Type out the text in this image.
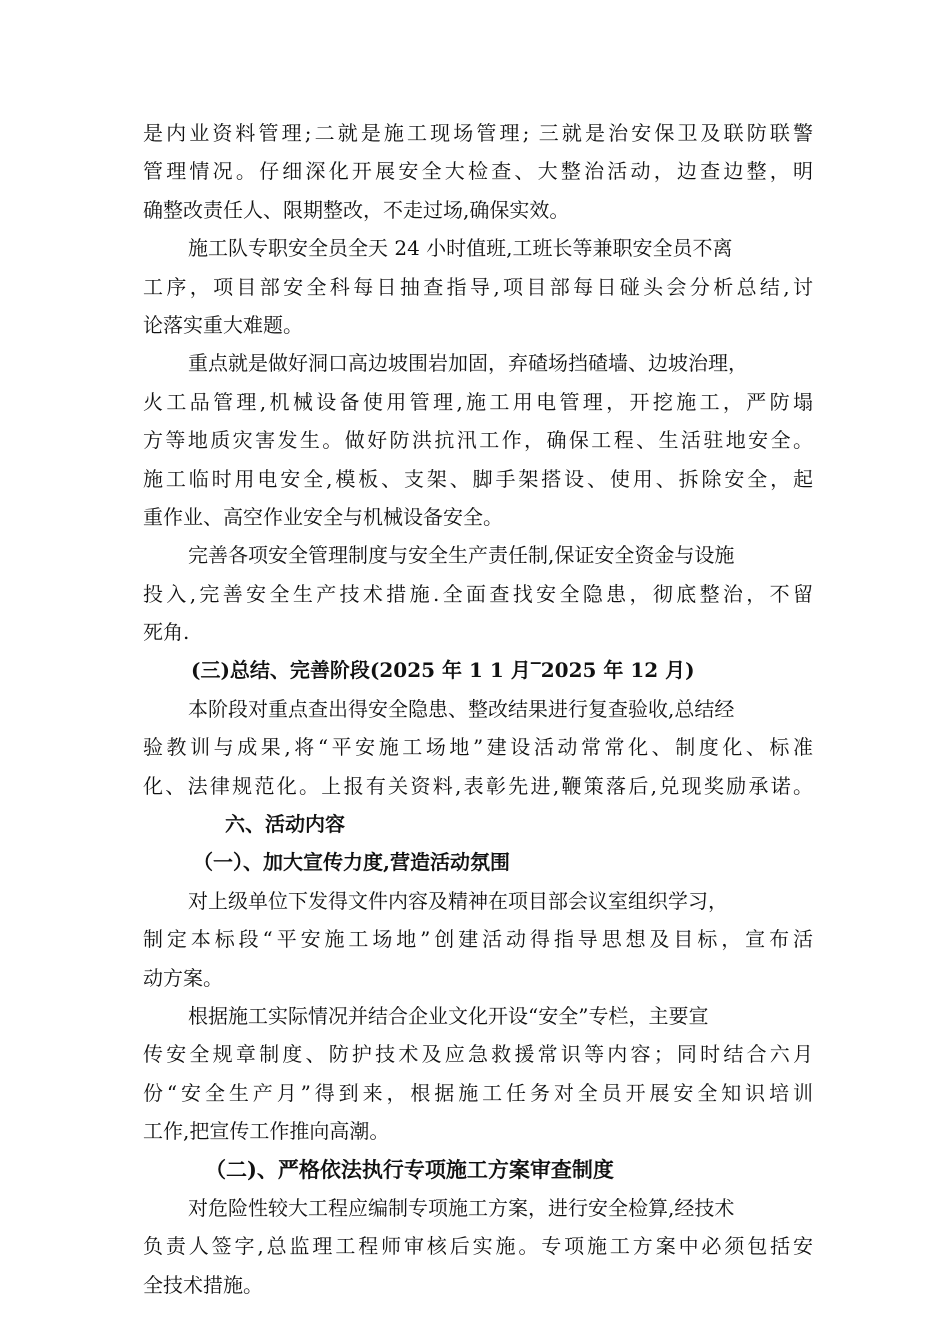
是内业资料管理;二就是施工现场管理; 三就是治安保卫及联防联警
管理情况。仔细深化开展安全大检查、大整治活动，边查边整，明
确整改责任人、限期整改，不走过场,确保实效。
施工队专职安全员全天 24 小时值班,工班长等兼职安全员不离
工序，项目部安全科每日抽查指导,项目部每日碰头会分析总结,讨
论落实重大难题。
重点就是做好洞口高边坡围岩加固，弃碴场挡碴墙、边坡治理，
火工品管理,机械设备使用管理,施工用电管理，开挖施工，严防塌
方等地质灾害发生。做好防洪抗汛工作，确保工程、生活驻地安全。
施工临时用电安全,模板、支架、脚手架搭设、使用、拆除安全，起
重作业、高空作业安全与机械设备安全。
完善各项安全管理制度与安全生产责任制,保证安全资金与设施
投入,完善安全生产技术措施.全面查找安全隐患，彻底整治，不留
死角.
(三)总结、完善阶段(2025 年 1 1 月‾2025 年 12 月)
本阶段对重点查出得安全隐患、整改结果进行复查验收,总结经
验教训与成果,将“平安施工场地”建设活动常常化、制度化、标准
化、法律规范化。上报有关资料,表彰先进,鞭策落后,兑现奖励承诺。
六、活动内容
（一）、加大宣传力度,营造活动氛围
对上级单位下发得文件内容及精神在项目部会议室组织学习，
制定本标段“平安施工场地”创建活动得指导思想及目标，宣布活
动方案。
根据施工实际情况并结合企业文化开设“安全”专栏，主要宣
传安全规章制度、防护技术及应急救援常识等内容；同时结合六月
份“安全生产月”得到来，根据施工任务对全员开展安全知识培训
工作,把宣传工作推向高潮。
（二)、严格依法执行专项施工方案审查制度
对危险性较大工程应编制专项施工方案，进行安全检算,经技术
负责人签字,总监理工程师审核后实施。专项施工方案中必须包括安
全技术措施。
